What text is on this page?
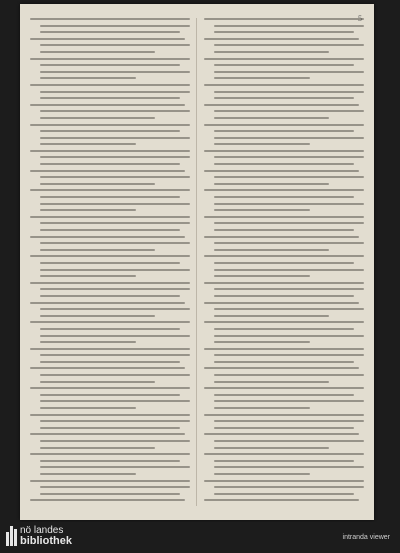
nö landes
bibliothek	intranda viewer
